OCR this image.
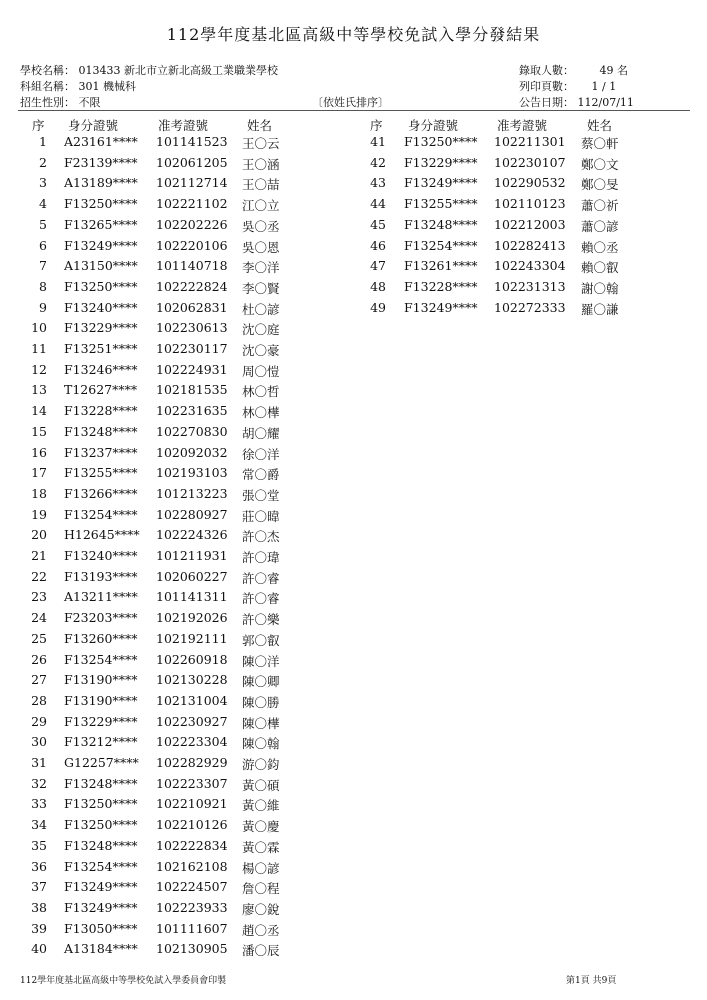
112學年度基北區高級中等學校免試入學分發結果
學校名稱： 013433 新北市立新北高級工業職業學校
科組名稱： 301 機械科
招生性別： 不限	〔依姓氏排序〕
錄取人數： 49 名
列印頁數： 1 / 1
公告日期： 112/07/11
序 身分證號	准考證號	姓名	序 身分證號	准考證號	姓名
1 A23161**** 101141523 王〇云
2 F23139**** 102061205 王〇涵
3 A13189**** 102112714 王〇喆
4 F13250**** 102221102 江〇立
5 F13265**** 102202226 吳〇丞
6 F13249**** 102220106 吳〇恩
7 A13150**** 101140718 李〇洋
8 F13250**** 102222824 李〇賢
9 F13240**** 102062831 杜〇諺
10 F13229**** 102230613 沈〇庭
11 F13251**** 102230117 沈〇豪
12 F13246**** 102224931 周〇愷
13 T12627**** 102181535 林〇哲
14 F13228**** 102231635 林〇樺
15 F13248**** 102270830 胡〇耀
16 F13237**** 102092032 徐〇洋
17 F13255**** 102193103 常〇爵
18 F13266**** 101213223 張〇堂
19 F13254**** 102280927 莊〇暐
20 H12645**** 102224326 許〇杰
21 F13240**** 101211931 許〇瑋
22 F13193**** 102060227 許〇睿
23 A13211**** 101141311 許〇睿
24 F23203**** 102192026 許〇樂
25 F13260**** 102192111 郭〇叡
26 F13254**** 102260918 陳〇洋
27 F13190**** 102130228 陳〇卿
28 F13190**** 102131004 陳〇勝
29 F13229**** 102230927 陳〇樺
30 F13212**** 102223304 陳〇翰
31 G12257**** 102282929 游〇鈞
32 F13248**** 102223307 黃〇碩
33 F13250**** 102210921 黃〇維
34 F13250**** 102210126 黃〇慶
35 F13248**** 102222834 黃〇霖
36 F13254**** 102162108 楊〇諺
37 F13249**** 102224507 詹〇程
38 F13249**** 102223933 廖〇銳
39 F13050**** 101111607 趙〇丞
40 A13184**** 102130905 潘〇辰
41 F13250**** 102211301 蔡〇軒
42 F13229**** 102230107 鄭〇文
43 F13249**** 102290532 鄭〇旻
44 F13255**** 102110123 蕭〇祈
45 F13248**** 102212003 蕭〇諺
46 F13254**** 102282413 賴〇丞
47 F13261**** 102243304 賴〇叡
48 F13228**** 102231313 謝〇翰
49 F13249**** 102272333 羅〇謙
112學年度基北區高級中等學校免試入學委員會印製	第1頁 共9頁
